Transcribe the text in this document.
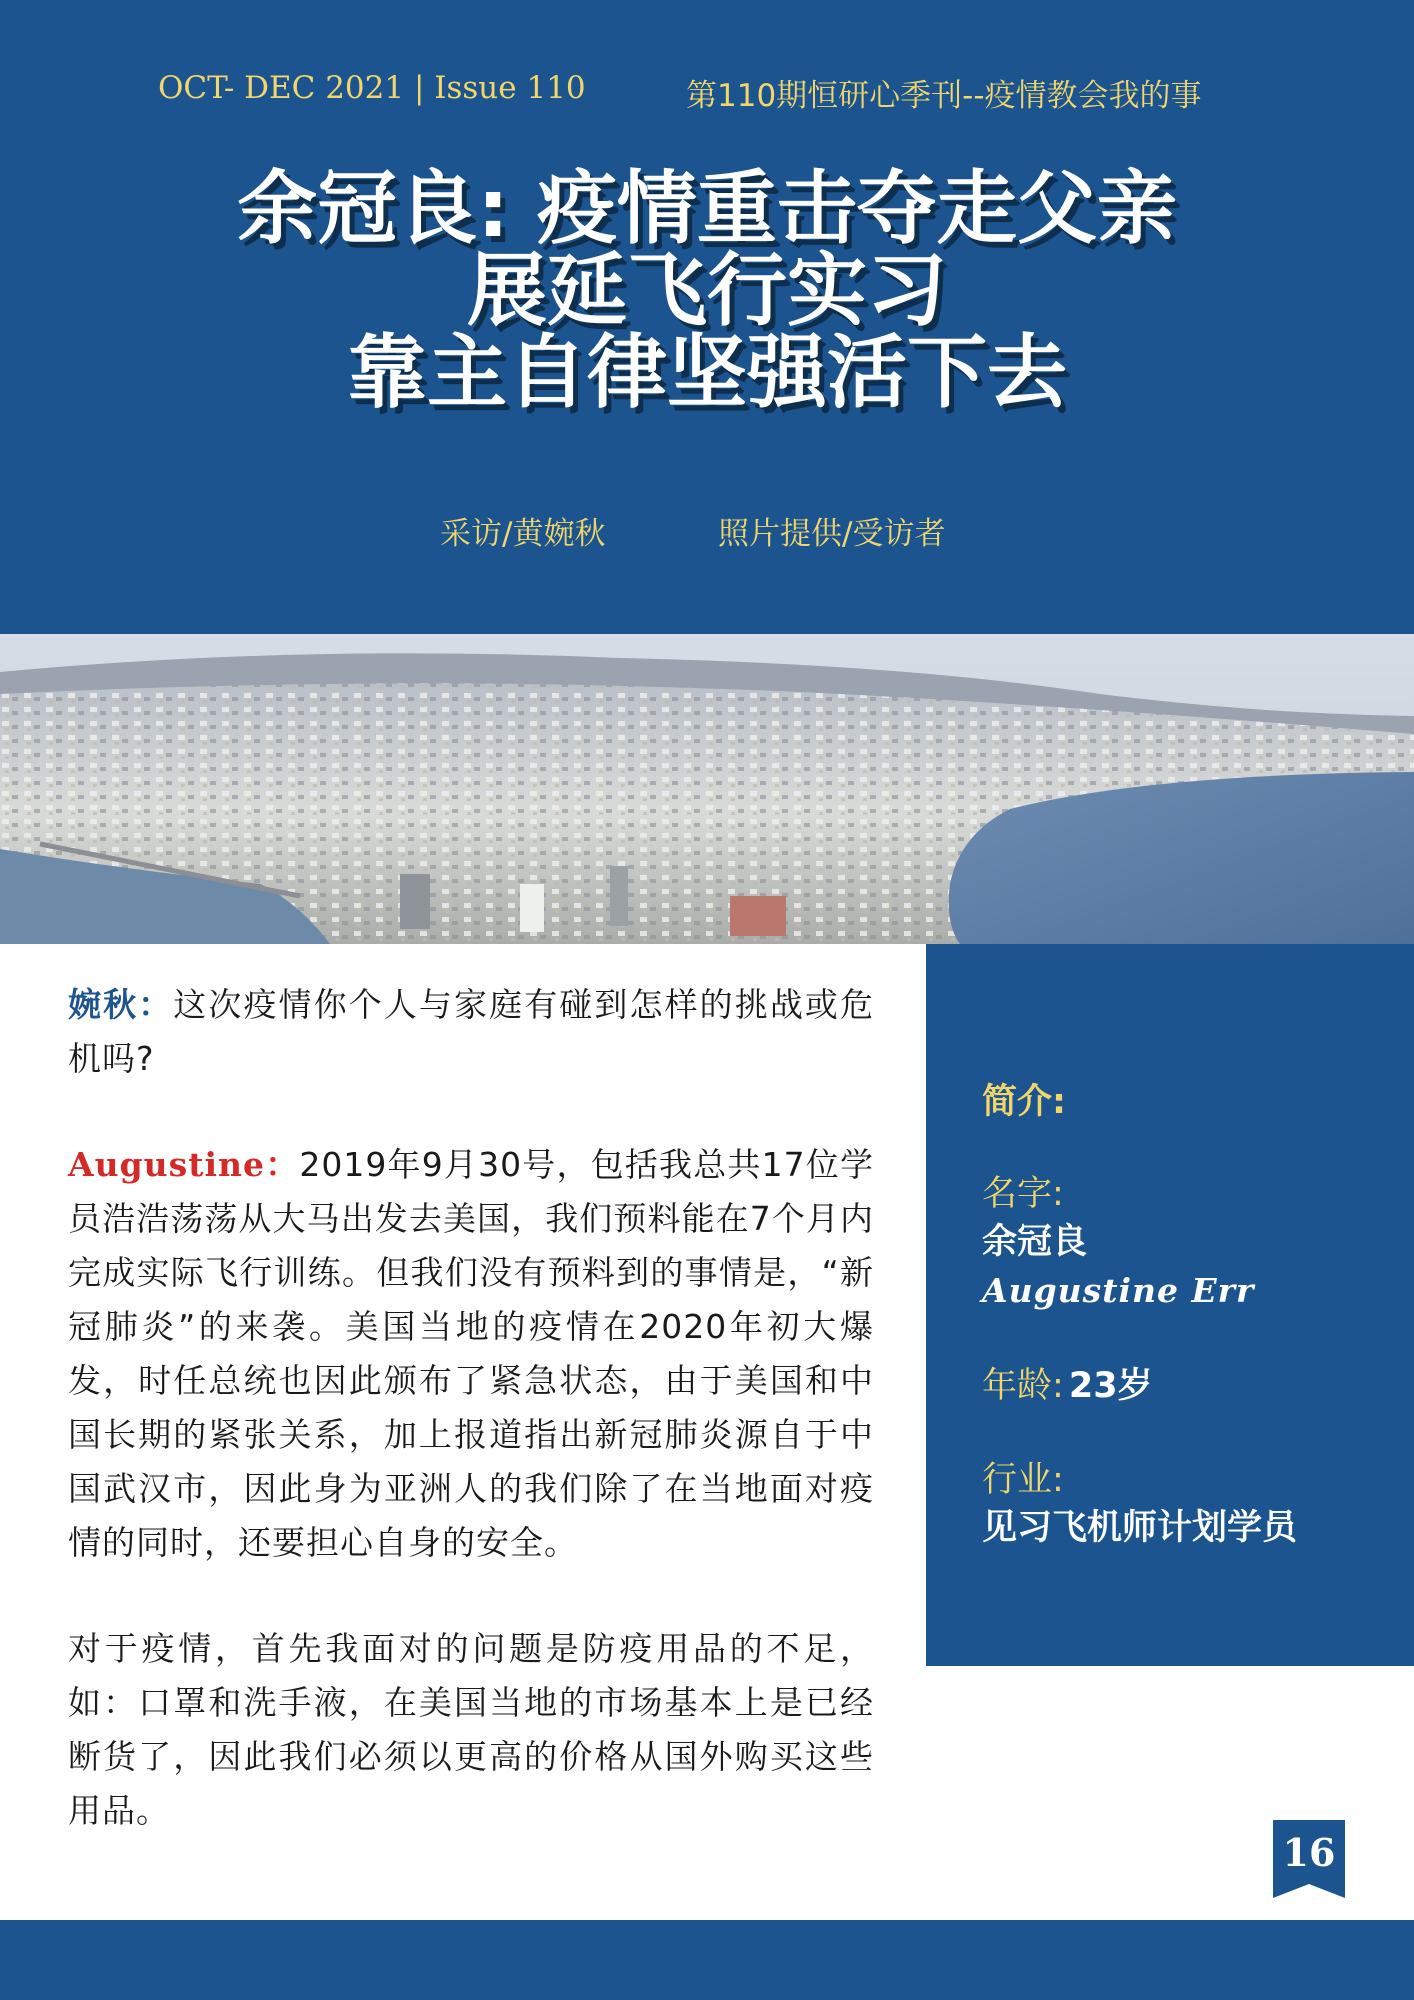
OCT- DEC 2021 | Issue 110	第110期恒研心季刊--疫情教会我的事
余冠良: 疫情重击夺走父亲
展延飞行实习
靠主自律坚强活下去
采访/黄婉秋	照片提供/受访者

婉秋：这次疫情你个人与家庭有碰到怎样的挑战或危机吗?

Augustine：2019年9月30号，包括我总共17位学员浩浩荡荡从大马出发去美国，我们预料能在7个月内完成实际飞行训练。但我们没有预料到的事情是，“新冠肺炎”的来袭。美国当地的疫情在2020年初大爆发，时任总统也因此颁布了紧急状态，由于美国和中国长期的紧张关系，加上报道指出新冠肺炎源自于中国武汉市，因此身为亚洲人的我们除了在当地面对疫情的同时，还要担心自身的安全。

对于疫情，首先我面对的问题是防疫用品的不足，如：口罩和洗手液，在美国当地的市场基本上是已经断货了，因此我们必须以更高的价格从国外购买这些用品。

简介:
名字:
余冠良
Augustine Err
年龄: 23岁
行业:
见习飞机师计划学员
16
